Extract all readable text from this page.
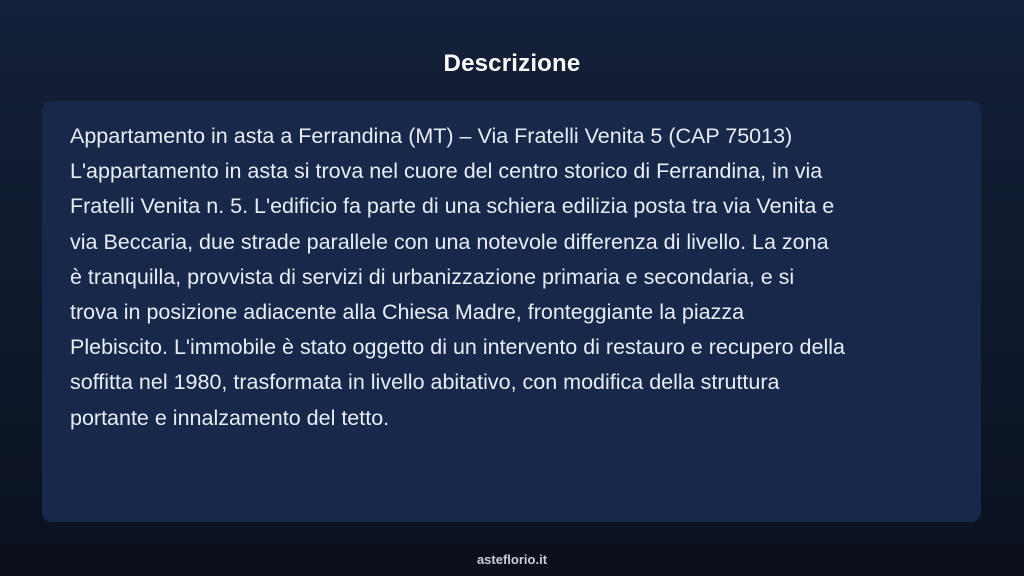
Descrizione

Appartamento in asta a Ferrandina (MT) – Via Fratelli Venita 5 (CAP 75013)
L'appartamento in asta si trova nel cuore del centro storico di Ferrandina, in via
Fratelli Venita n. 5. L'edificio fa parte di una schiera edilizia posta tra via Venita e
via Beccaria, due strade parallele con una notevole differenza di livello. La zona
è tranquilla, provvista di servizi di urbanizzazione primaria e secondaria, e si
trova in posizione adiacente alla Chiesa Madre, fronteggiante la piazza
Plebiscito. L'immobile è stato oggetto di un intervento di restauro e recupero della
soffitta nel 1980, trasformata in livello abitativo, con modifica della struttura
portante e innalzamento del tetto.

asteflorio.it
